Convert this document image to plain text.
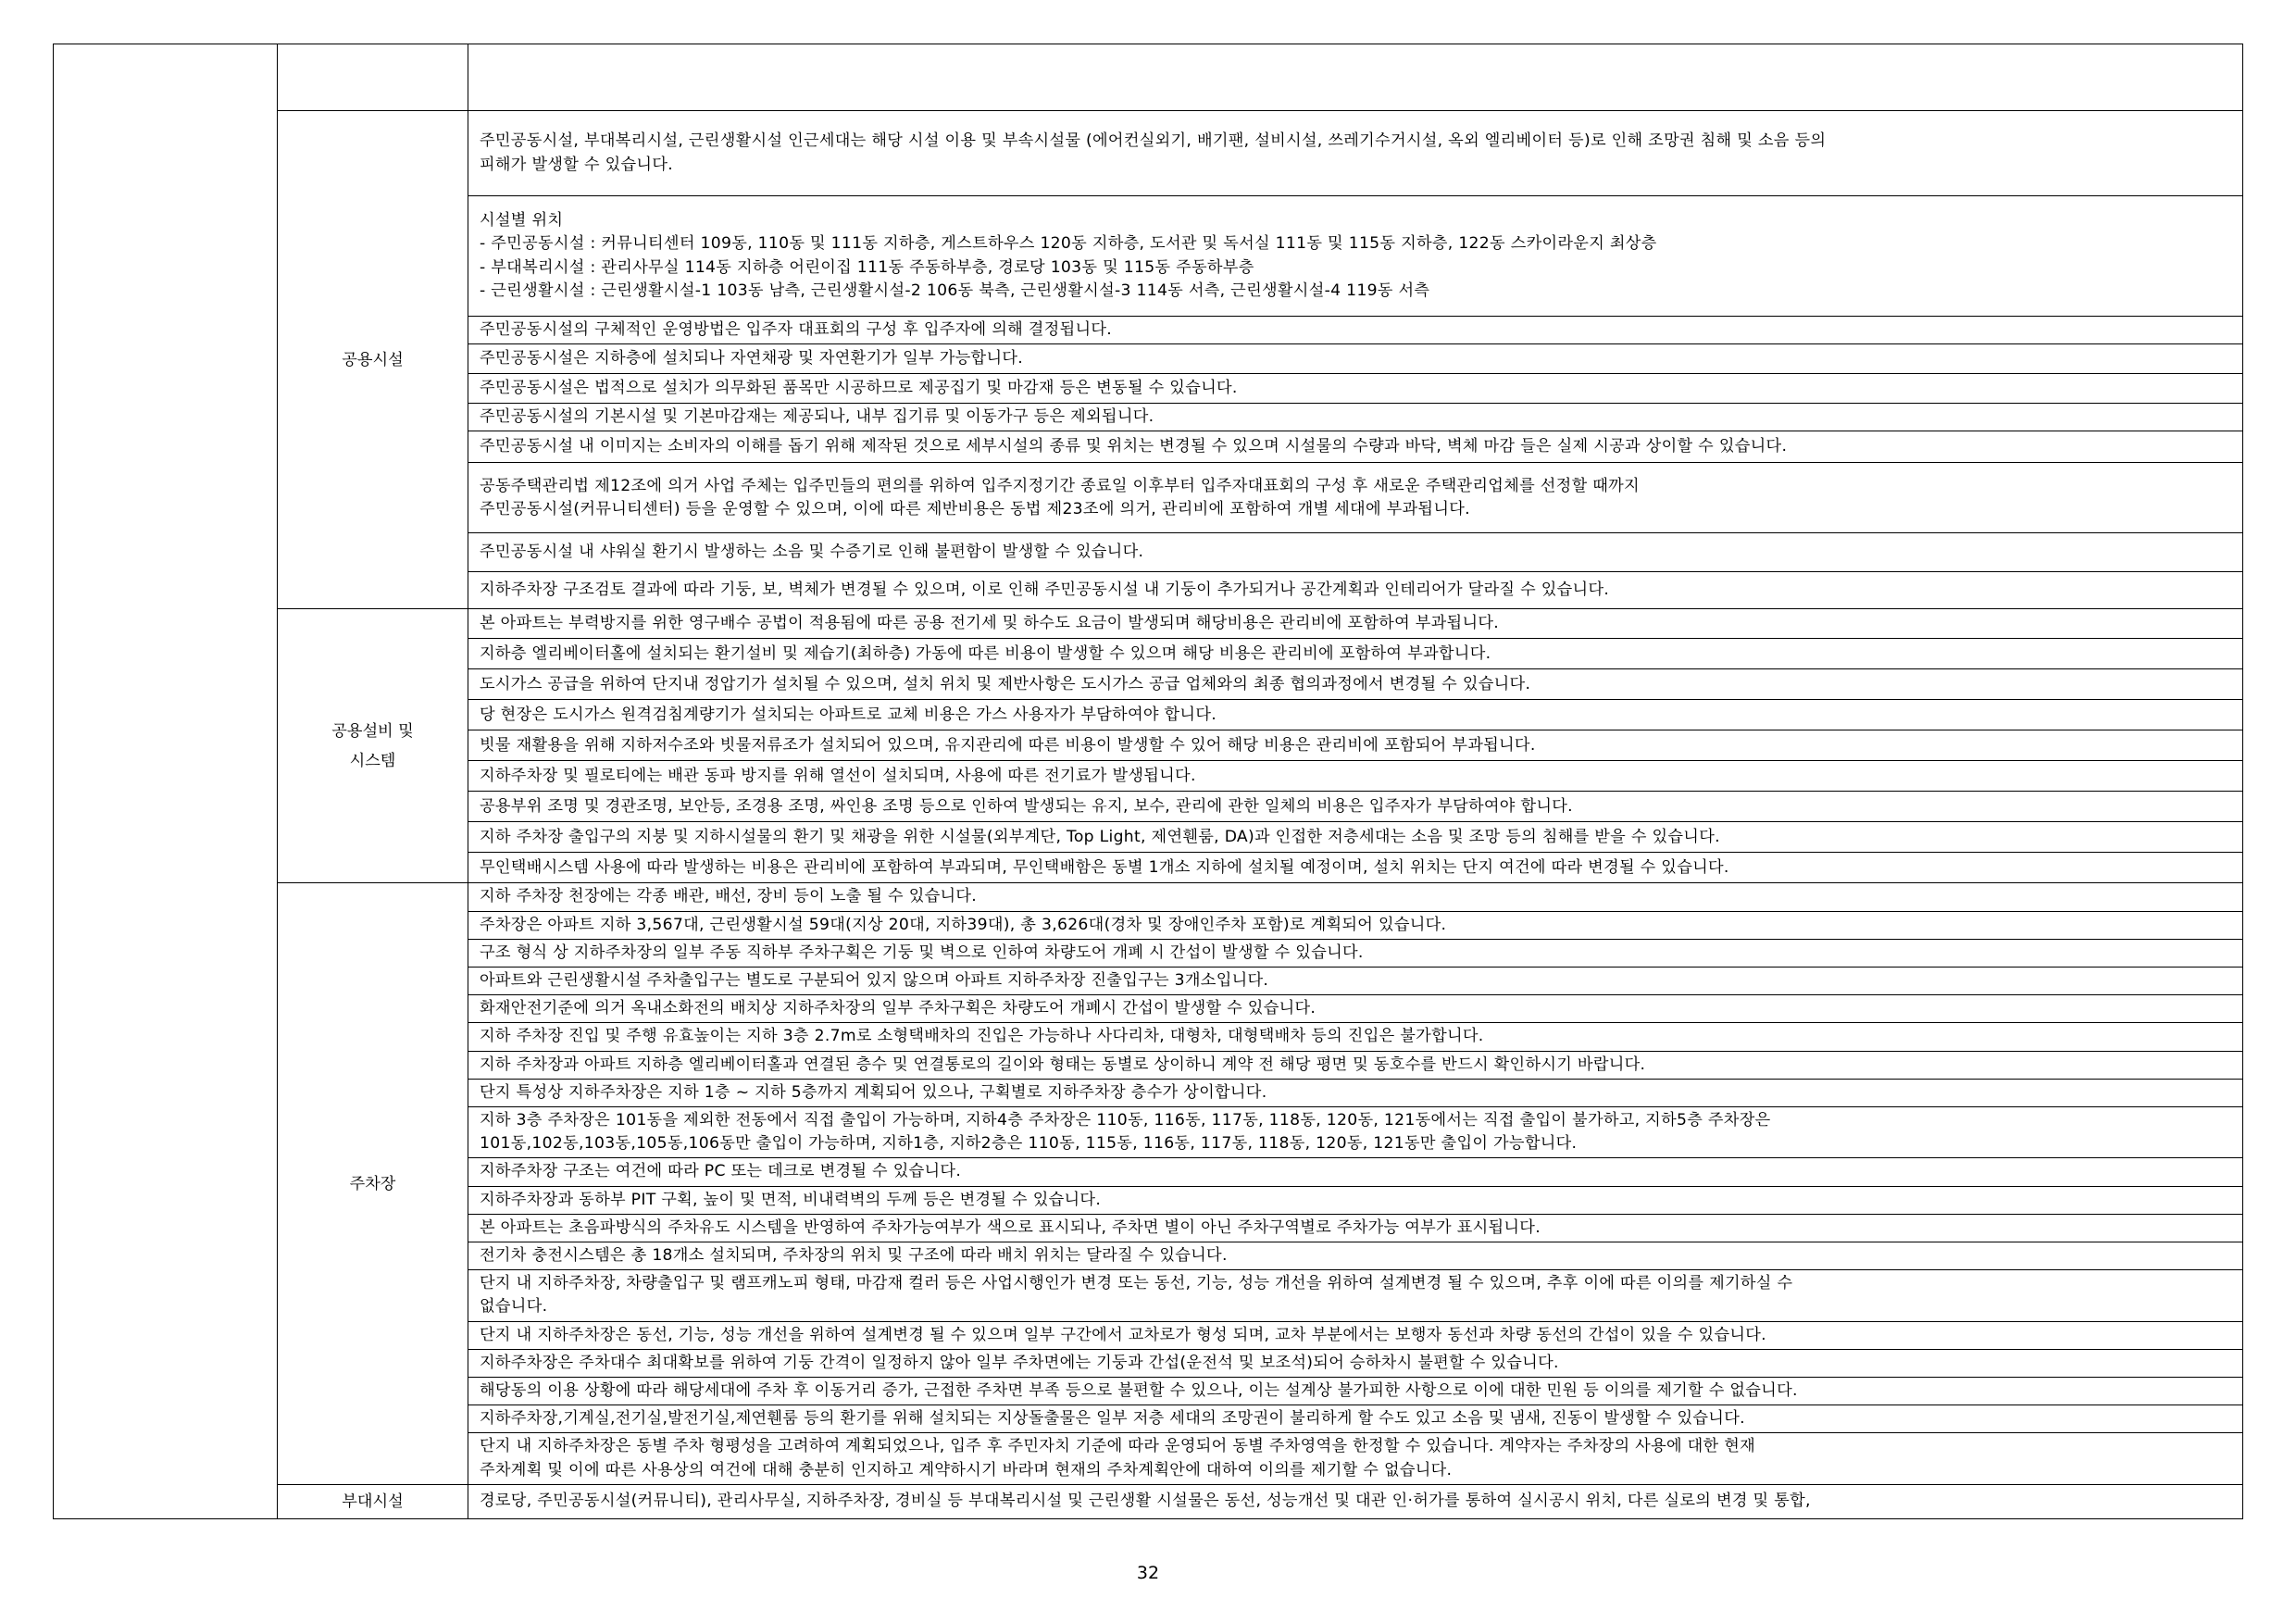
	공용시설	주민공동시설, 부대복리시설, 근린생활시설 인근세대는 해당 시설 이용 및 부속시설물 (에어컨실외기, 배기팬, 설비시설, 쓰레기수거시설, 옥외 엘리베이터 등)로 인해 조망권 침해 및 소음 등의
피해가 발생할 수 있습니다.

		시설별 위치
- 주민공동시설 : 커뮤니티센터 109동, 110동 및 111동 지하층, 게스트하우스 120동 지하층, 도서관 및 독서실 111동 및 115동 지하층, 122동 스카이라운지 최상층
- 부대복리시설 : 관리사무실 114동 지하층 어린이집 111동 주동하부층, 경로당 103동 및 115동 주동하부층
- 근린생활시설 : 근린생활시설-1 103동 남측, 근린생활시설-2 106동 북측, 근린생활시설-3 114동 서측, 근린생활시설-4 119동 서측

		주민공동시설의 구체적인 운영방법은 입주자 대표회의 구성 후 입주자에 의해 결정됩니다.

		주민공동시설은 지하층에 설치되나 자연채광 및 자연환기가 일부 가능합니다.

		주민공동시설은 법적으로 설치가 의무화된 품목만 시공하므로 제공집기 및 마감재 등은 변동될 수 있습니다.

		주민공동시설의 기본시설 및 기본마감재는 제공되나, 내부 집기류 및 이동가구 등은 제외됩니다.

		주민공동시설 내 이미지는 소비자의 이해를 돕기 위해 제작된 것으로 세부시설의 종류 및 위치는 변경될 수 있으며 시설물의 수량과 바닥, 벽체 마감 들은 실제 시공과 상이할 수 있습니다.

		공동주택관리법 제12조에 의거 사업 주체는 입주민들의 편의를 위하여 입주지정기간 종료일 이후부터 입주자대표회의 구성 후 새로운 주택관리업체를 선정할 때까지
주민공동시설(커뮤니티센터) 등을 운영할 수 있으며, 이에 따른 제반비용은 동법 제23조에 의거, 관리비에 포함하여 개별 세대에 부과됩니다.

		주민공동시설 내 샤워실 환기시 발생하는 소음 및 수증기로 인해 불편함이 발생할 수 있습니다.

		지하주차장 구조검토 결과에 따라 기둥, 보, 벽체가 변경될 수 있으며, 이로 인해 주민공동시설 내 기둥이 추가되거나 공간계획과 인테리어가 달라질 수 있습니다.

	공용설비 및
시스템	본 아파트는 부력방지를 위한 영구배수 공법이 적용됨에 따른 공용 전기세 및 하수도 요금이 발생되며 해당비용은 관리비에 포함하여 부과됩니다.

		지하층 엘리베이터홀에 설치되는 환기설비 및 제습기(최하층) 가동에 따른 비용이 발생할 수 있으며 해당 비용은 관리비에 포함하여 부과합니다.

		도시가스 공급을 위하여 단지내 정압기가 설치될 수 있으며, 설치 위치 및 제반사항은 도시가스 공급 업체와의 최종 협의과정에서 변경될 수 있습니다.

		당 현장은 도시가스 원격검침계량기가 설치되는 아파트로 교체 비용은 가스 사용자가 부담하여야 합니다.

		빗물 재활용을 위해 지하저수조와 빗물저류조가 설치되어 있으며, 유지관리에 따른 비용이 발생할 수 있어 해당 비용은 관리비에 포함되어 부과됩니다.

		지하주차장 및 필로티에는 배관 동파 방지를 위해 열선이 설치되며, 사용에 따른 전기료가 발생됩니다.

		공용부위 조명 및 경관조명, 보안등, 조경용 조명, 싸인용 조명 등으로 인하여 발생되는 유지, 보수, 관리에 관한 일체의 비용은 입주자가 부담하여야 합니다.

		지하 주차장 출입구의 지붕 및 지하시설물의 환기 및 채광을 위한 시설물(외부계단, Top Light, 제연휀룸, DA)과 인접한 저층세대는 소음 및 조망 등의 침해를 받을 수 있습니다.

		무인택배시스템 사용에 따라 발생하는 비용은 관리비에 포함하여 부과되며, 무인택배함은 동별 1개소 지하에 설치될 예정이며, 설치 위치는 단지 여건에 따라 변경될 수 있습니다.

	주차장	지하 주차장 천장에는 각종 배관, 배선, 장비 등이 노출 될 수 있습니다.

		주차장은 아파트 지하 3,567대, 근린생활시설 59대(지상 20대, 지하39대), 총 3,626대(경차 및 장애인주차 포함)로 계획되어 있습니다.

		구조 형식 상 지하주차장의 일부 주동 직하부 주차구획은 기둥 및 벽으로 인하여 차량도어 개폐 시 간섭이 발생할 수 있습니다.

		아파트와 근린생활시설 주차출입구는 별도로 구분되어 있지 않으며 아파트 지하주차장 진출입구는 3개소입니다.

		화재안전기준에 의거 옥내소화전의 배치상 지하주차장의 일부 주차구획은 차량도어 개폐시 간섭이 발생할 수 있습니다.

		지하 주차장 진입 및 주행 유효높이는 지하 3층 2.7m로 소형택배차의 진입은 가능하나 사다리차, 대형차, 대형택배차 등의 진입은 불가합니다.

		지하 주차장과 아파트 지하층 엘리베이터홀과 연결된 층수 및 연결통로의 길이와 형태는 동별로 상이하니 계약 전 해당 평면 및 동호수를 반드시 확인하시기 바랍니다.

		단지 특성상 지하주차장은 지하 1층 ~ 지하 5층까지 계획되어 있으나, 구획별로 지하주차장 층수가 상이합니다.

		지하 3층 주차장은 101동을 제외한 전동에서 직접 출입이 가능하며, 지하4층 주차장은 110동, 116동, 117동, 118동, 120동, 121동에서는 직접 출입이 불가하고, 지하5층 주차장은
101동,102동,103동,105동,106동만 출입이 가능하며, 지하1층, 지하2층은 110동, 115동, 116동, 117동, 118동, 120동, 121동만 출입이 가능합니다.

		지하주차장 구조는 여건에 따라 PC 또는 데크로 변경될 수 있습니다.

		지하주차장과 동하부 PIT 구획, 높이 및 면적, 비내력벽의 두께 등은 변경될 수 있습니다.

		본 아파트는 초음파방식의 주차유도 시스템을 반영하여 주차가능여부가 색으로 표시되나, 주차면 별이 아닌 주차구역별로 주차가능 여부가 표시됩니다.

		전기차 충전시스템은 총 18개소 설치되며, 주차장의 위치 및 구조에 따라 배치 위치는 달라질 수 있습니다.

		단지 내 지하주차장, 차량출입구 및 램프캐노피 형태, 마감재 컬러 등은 사업시행인가 변경 또는 동선, 기능, 성능 개선을 위하여 설계변경 될 수 있으며, 추후 이에 따른 이의를 제기하실 수
없습니다.

		단지 내 지하주차장은 동선, 기능, 성능 개선을 위하여 설계변경 될 수 있으며 일부 구간에서 교차로가 형성 되며, 교차 부분에서는 보행자 동선과 차량 동선의 간섭이 있을 수 있습니다.

		지하주차장은 주차대수 최대확보를 위하여 기둥 간격이 일정하지 않아 일부 주차면에는 기둥과 간섭(운전석 및 보조석)되어 승하차시 불편할 수 있습니다.

		해당동의 이용 상황에 따라 해당세대에 주차 후 이동거리 증가, 근접한 주차면 부족 등으로 불편할 수 있으나, 이는 설계상 불가피한 사항으로 이에 대한 민원 등 이의를 제기할 수 없습니다.

		지하주차장,기계실,전기실,발전기실,제연휀룸 등의 환기를 위해 설치되는 지상돌출물은 일부 저층 세대의 조망권이 불리하게 할 수도 있고 소음 및 냄새, 진동이 발생할 수 있습니다.

		단지 내 지하주차장은 동별 주차 형평성을 고려하여 계획되었으나, 입주 후 주민자치 기준에 따라 운영되어 동별 주차영역을 한정할 수 있습니다. 계약자는 주차장의 사용에 대한 현재
주차계획 및 이에 따른 사용상의 여건에 대해 충분히 인지하고 계약하시기 바라며 현재의 주차계획안에 대하여 이의를 제기할 수 없습니다.

	부대시설	경로당, 주민공동시설(커뮤니티), 관리사무실, 지하주차장, 경비실 등 부대복리시설 및 근린생활 시설물은 동선, 성능개선 및 대관 인·허가를 통하여 실시공시 위치, 다른 실로의 변경 및 통합,
32
